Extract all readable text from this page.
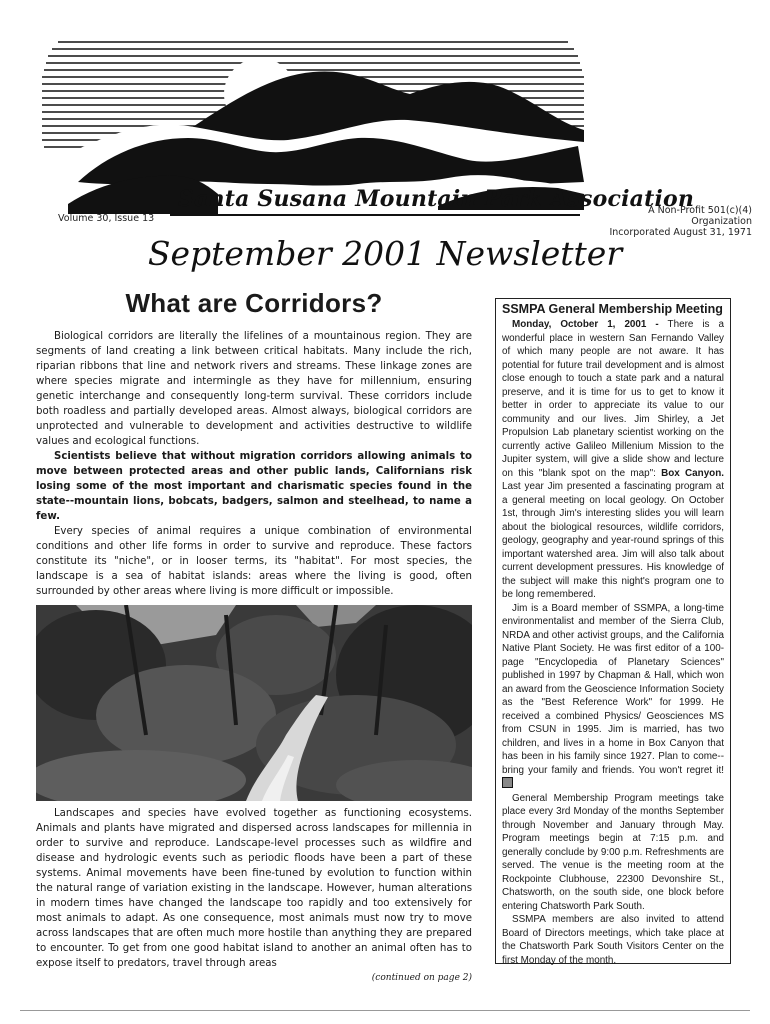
Santa Susana Mountain Park Association
Volume 30, Issue 13
A Non-Profit 501(c)(4) Organization
Incorporated August 31, 1971
September 2001 Newsletter
What are Corridors?

Biological corridors are literally the lifelines of a mountainous region. They are segments of land creating a link between critical habitats. Many include the rich, riparian ribbons that line and network rivers and streams. These linkage zones are where species migrate and intermingle as they have for millennium, ensuring genetic interchange and consequently long-term survival. These corridors include both roadless and partially developed areas. Almost always, biological corridors are unprotected and vulnerable to development and activities destructive to wildlife values and ecological functions.

Scientists believe that without migration corridors allowing animals to move between protected areas and other public lands, Californians risk losing some of the most important and charismatic species found in the state--mountain lions, bobcats, badgers, salmon and steelhead, to name a few.

Every species of animal requires a unique combination of environmental conditions and other life forms in order to survive and reproduce. These factors constitute its "niche", or in looser terms, its "habitat". For most species, the landscape is a sea of habitat islands: areas where the living is good, often surrounded by other areas where living is more difficult or impossible.

Landscapes and species have evolved together as functioning ecosystems. Animals and plants have migrated and dispersed across landscapes for millennia in order to survive and reproduce. Landscape-level processes such as wildfire and disease and hydrologic events such as periodic floods have been a part of these systems. Animal movements have been fine-tuned by evolution to function within the natural range of variation existing in the landscape. However, human alterations in modern times have changed the landscape too rapidly and too extensively for most animals to adapt. As one consequence, most animals must now try to move across landscapes that are often much more hostile than anything they are prepared to encounter. To get from one good habitat island to another an animal often has to expose itself to predators, travel through areas

(continued on page 2)
SSMPA General Membership Meeting

Monday, October 1, 2001 - There is a wonderful place in western San Fernando Valley of which many people are not aware. It has potential for future trail development and is almost close enough to touch a state park and a natural preserve, and it is time for us to get to know it better in order to appreciate its value to our community and our lives. Jim Shirley, a Jet Propulsion Lab planetary scientist working on the currently active Galileo Millenium Mission to the Jupiter system, will give a slide show and lecture on this "blank spot on the map": Box Canyon. Last year Jim presented a fascinating program at a general meeting on local geology. On October 1st, through Jim's interesting slides you will learn about the biological resources, wildlife corridors, geology, geography and year-round springs of this important watershed area. Jim will also talk about current development pressures. His knowledge of the subject will make this night's program one to be long remembered.

Jim is a Board member of SSMPA, a long-time environmentalist and member of the Sierra Club, NRDA and other activist groups, and the California Native Plant Society. He was first editor of a 100-page "Encyclopedia of Planetary Sciences" published in 1997 by Chapman & Hall, which won an award from the Geoscience Information Society as the "Best Reference Work" for 1999. He received a combined Physics/ Geosciences MS from CSUN in 1995. Jim is married, has two children, and lives in a home in Box Canyon that has been in his family since 1927. Plan to come--bring your family and friends. You won't regret it!

General Membership Program meetings take place every 3rd Monday of the months September through November and January through May. Program meetings begin at 7:15 p.m. and generally conclude by 9:00 p.m. Refreshments are served. The venue is the meeting room at the Rockpointe Clubhouse, 22300 Devonshire St., Chatsworth, on the south side, one block before entering Chatsworth Park South.

SSMPA members are also invited to attend Board of Directors meetings, which take place at the Chatsworth Park South Visitors Center on the first Monday of the month.
